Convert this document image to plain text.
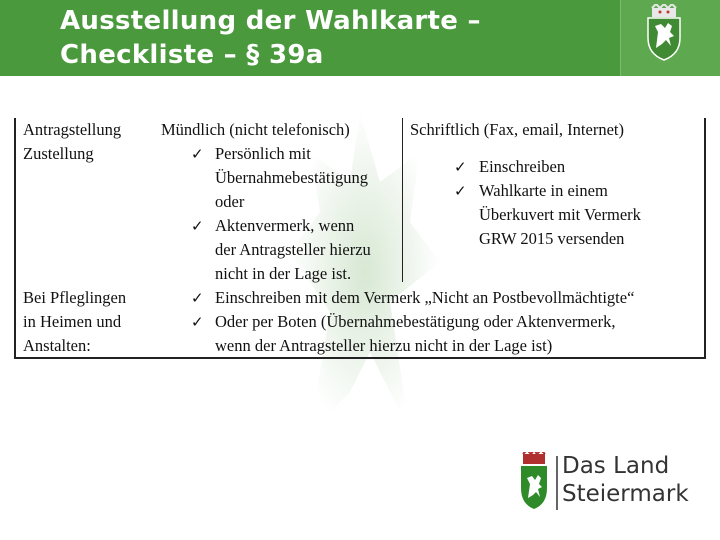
Ausstellung der Wahlkarte –
Checkliste – § 39a
Antragstellung
Zustellung
Mündlich (nicht telefonisch)
✓ Persönlich mit
Übernahmebestätigung
oder
✓ Aktenvermerk, wenn
der Antragsteller hierzu
nicht in der Lage ist.
Schriftlich (Fax, email, Internet)
✓ Einschreiben
✓ Wahlkarte in einem
Überkuvert mit Vermerk
GRW 2015 versenden
Bei Pfleglingen
in Heimen und
Anstalten:
✓ Einschreiben mit dem Vermerk „Nicht an Postbevollmächtigte“
✓ Oder per Boten (Übernahmebestätigung oder Aktenvermerk,
wenn der Antragsteller hierzu nicht in der Lage ist)
Das Land
Steiermark
